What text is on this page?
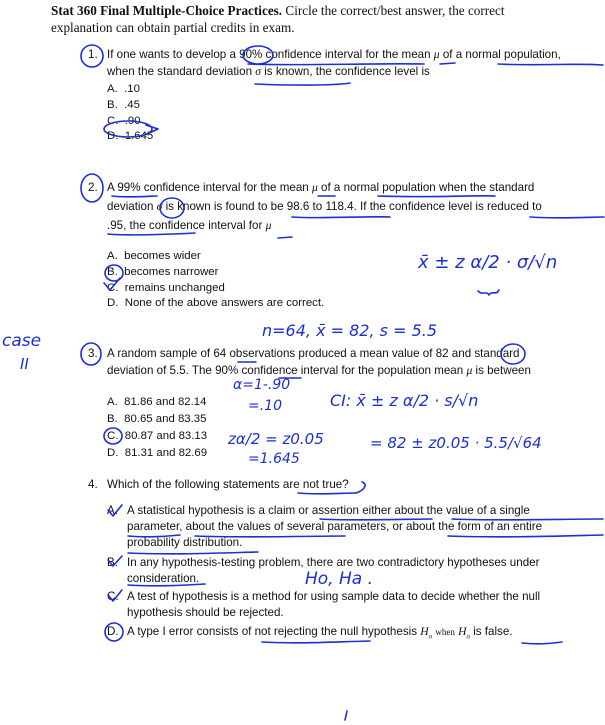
Stat 360 Final Multiple-Choice Practices. Circle the correct/best answer, the correct
explanation can obtain partial credits in exam.
1. If one wants to develop a 90% confidence interval for the mean μ of a normal population,
when the standard deviation σ is known, the confidence level is
A. .10
B. .45
C. .90
D. 1.645
2. A 99% confidence interval for the mean μ of a normal population when the standard
deviation σ is known is found to be 98.6 to 118.4. If the confidence level is reduced to
.95, the confidence interval for μ
A. becomes wider
B. becomes narrower
C. remains unchanged
D. None of the above answers are correct.
3. A random sample of 64 observations produced a mean value of 82 and standard
deviation of 5.5. The 90% confidence interval for the population mean μ is between
A. 81.86 and 82.14
B. 80.65 and 83.35
C. 80.87 and 83.13
D. 81.31 and 82.69
4. Which of the following statements are not true?
A. A statistical hypothesis is a claim or assertion either about the value of a single
parameter, about the values of several parameters, or about the form of an entire
probability distribution.
B. In any hypothesis-testing problem, there are two contradictory hypotheses under
consideration.
C. A test of hypothesis is a method for using sample data to decide whether the null
hypothesis should be rejected.
D. A type I error consists of not rejecting the null hypothesis $H_o$ when $H_o$ is false.
case
II
x̄ ± z α/2 · σ/√n
n=64, x̄ = 82, s = 5.5
α=1-.90
=.10	CI: x̄ ± z α/2 · s/√n
zα/2 = z0.05
=1.645
= 82 ± z0.05 · 5.5/√64
Ho, Ha .
